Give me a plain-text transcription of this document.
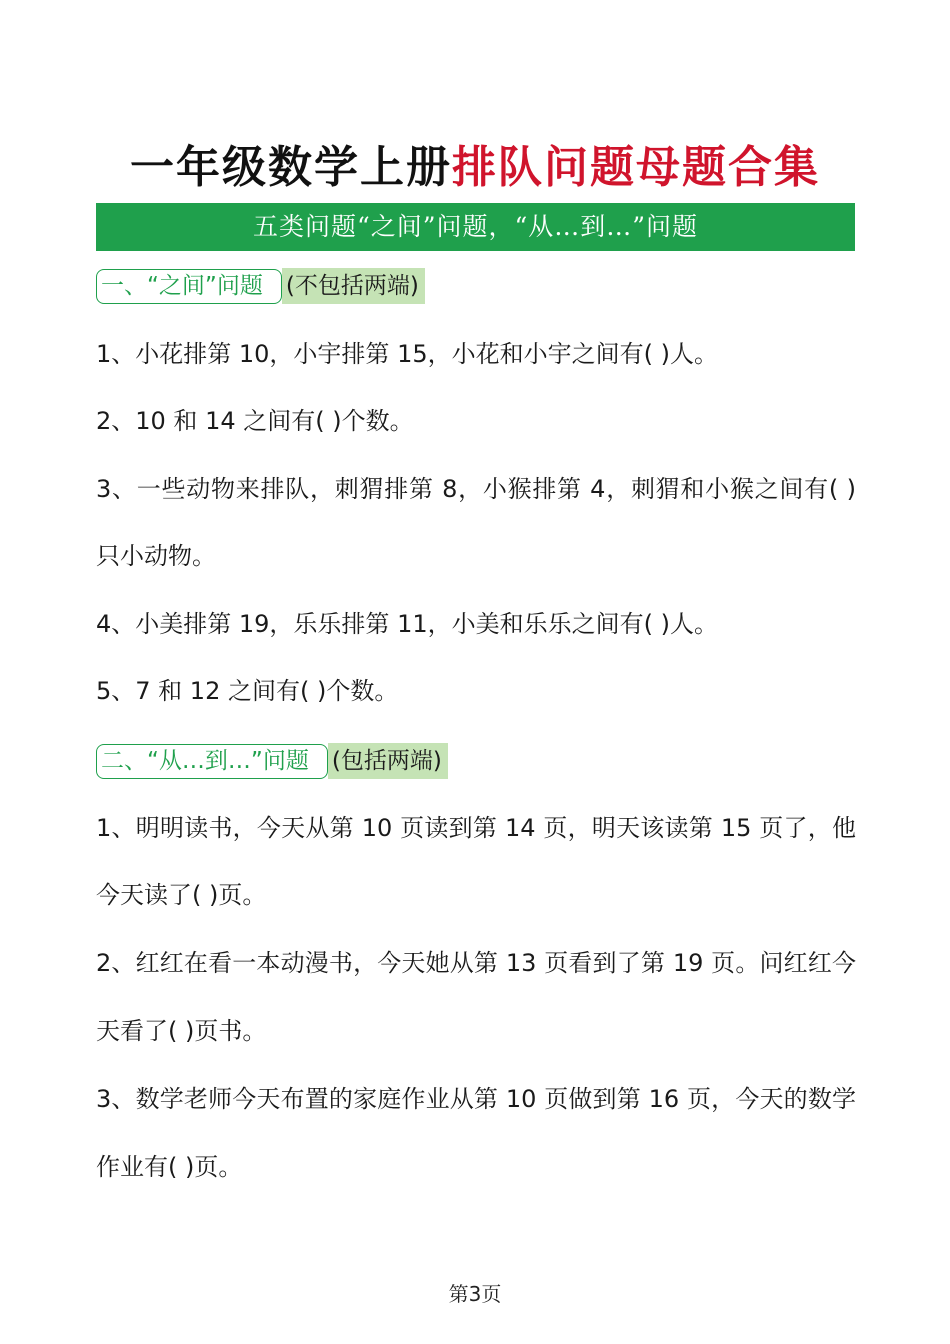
一年级数学上册排队问题母题合集
五类问题“之间”问题，“从…到…”问题
一、“之间”问题	(不包括两端)
1、小花排第 10，小宇排第 15，小花和小宇之间有( )人。
2、10 和 14 之间有( )个数。
3、一些动物来排队，刺猬排第 8，小猴排第 4，刺猬和小猴之间有( )
只小动物。
4、小美排第 19，乐乐排第 11，小美和乐乐之间有( )人。
5、7 和 12 之间有( )个数。
二、“从…到…”问题	(包括两端)
1、明明读书，今天从第 10 页读到第 14 页，明天该读第 15 页了，他
今天读了( )页。
2、红红在看一本动漫书，今天她从第 13 页看到了第 19 页。问红红今
天看了( )页书。
3、数学老师今天布置的家庭作业从第 10 页做到第 16 页，今天的数学
作业有( )页。
第3页
